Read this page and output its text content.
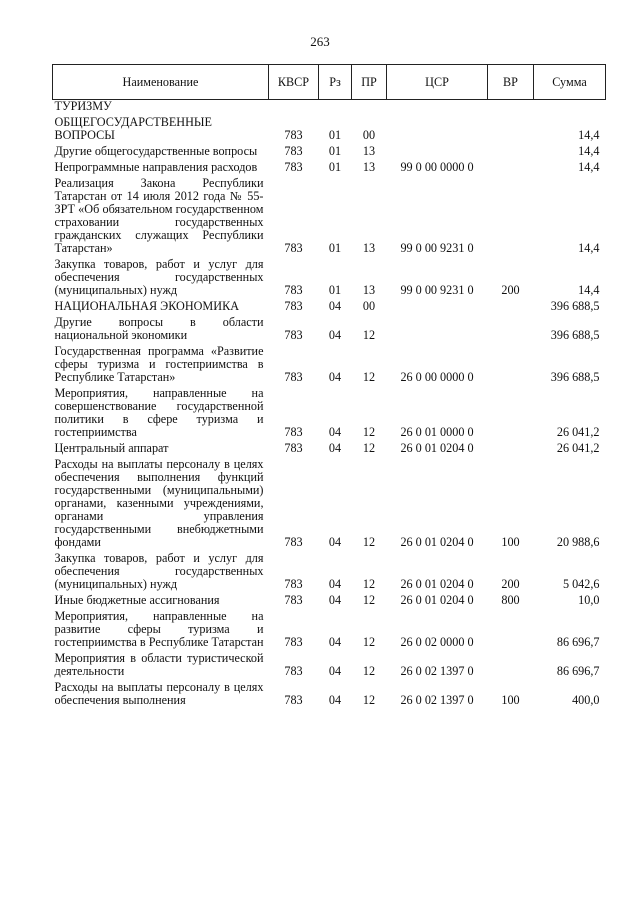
263
Наименование	КВСР	Рз	ПР	ЦСР	ВР	Сумма
ТУРИЗМУ						
ОБЩЕГОСУДАРСТВЕННЫЕ ВОПРОСЫ	783	01	00			14,4
Другие общегосударственные вопросы	783	01	13			14,4
Непрограммные направления расходов	783	01	13	99 0 00 0000 0		14,4
Реализация Закона Республики Татарстан от 14 июля 2012 года № 55-ЗРТ «Об обязательном государственном страховании государственных гражданских служащих Республики Татарстан»	783	01	13	99 0 00 9231 0		14,4
Закупка товаров, работ и услуг для обеспечения государственных (муниципальных) нужд	783	01	13	99 0 00 9231 0	200	14,4
НАЦИОНАЛЬНАЯ ЭКОНОМИКА	783	04	00			396 688,5
Другие вопросы в области национальной экономики	783	04	12			396 688,5
Государственная программа «Развитие сферы туризма и гостеприимства в Республике Татарстан»	783	04	12	26 0 00 0000 0		396 688,5
Мероприятия, направленные на совершенствование государственной политики в сфере туризма и гостеприимства	783	04	12	26 0 01 0000 0		26 041,2
Центральный аппарат	783	04	12	26 0 01 0204 0		26 041,2
Расходы на выплаты персоналу в целях обеспечения выполнения функций государственными (муниципальными) органами, казенными учреждениями, органами управления государственными внебюджетными фондами	783	04	12	26 0 01 0204 0	100	20 988,6
Закупка товаров, работ и услуг для обеспечения государственных (муниципальных) нужд	783	04	12	26 0 01 0204 0	200	5 042,6
Иные бюджетные ассигнования	783	04	12	26 0 01 0204 0	800	10,0
Мероприятия, направленные на развитие сферы туризма и гостеприимства в Республике Татарстан	783	04	12	26 0 02 0000 0		86 696,7
Мероприятия в области туристической деятельности	783	04	12	26 0 02 1397 0		86 696,7
Расходы на выплаты персоналу в целях обеспечения выполнения	783	04	12	26 0 02 1397 0	100	400,0
